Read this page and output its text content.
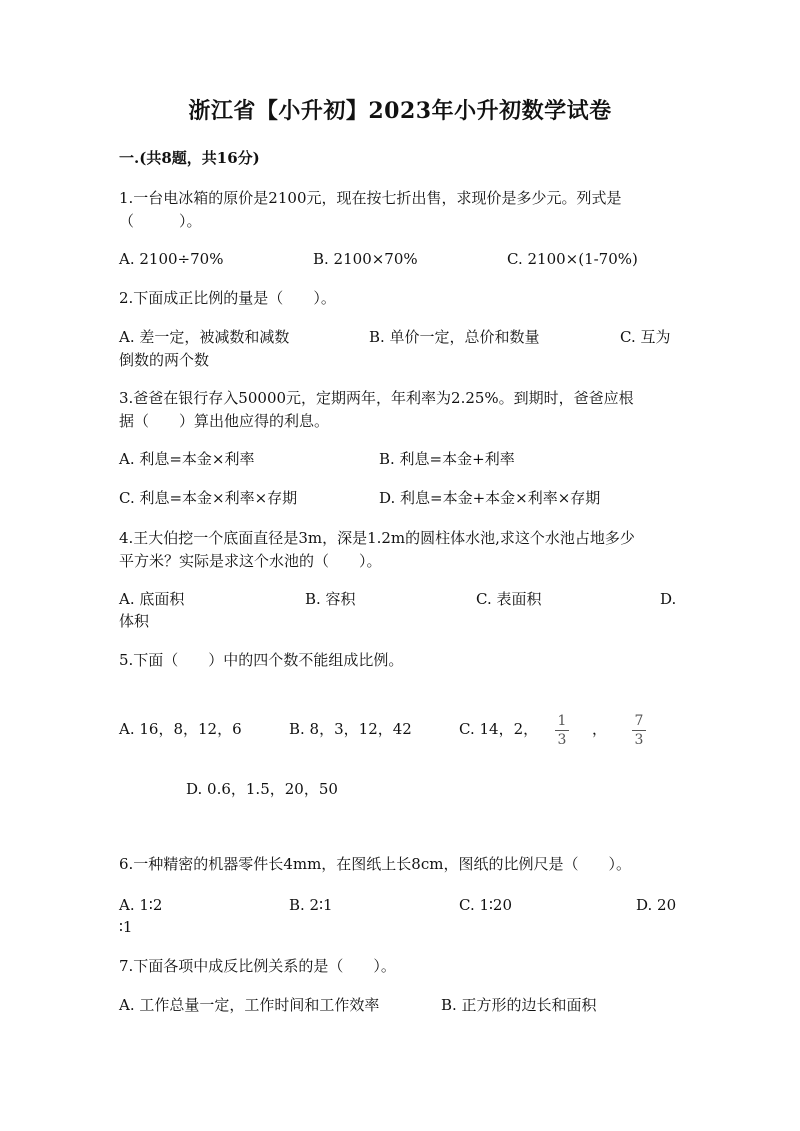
浙江省【小升初】2023年小升初数学试卷
一.(共8题，共16分)
1.一台电冰箱的原价是2100元，现在按七折出售，求现价是多少元。列式是
（　　　）。
A. 2100÷70%	B. 2100×70%	C. 2100×(1-70%)
2.下面成正比例的量是（　　）。
A. 差一定，被减数和减数	B. 单价一定，总价和数量	C. 互为
倒数的两个数
3.爸爸在银行存入50000元，定期两年，年利率为2.25%。到期时，爸爸应根
据（　　）算出他应得的利息。
A. 利息=本金×利率	B. 利息=本金+利率
C. 利息=本金×利率×存期	D. 利息=本金+本金×利率×存期
4.王大伯挖一个底面直径是3m，深是1.2m的圆柱体水池,求这个水池占地多少
平方米？实际是求这个水池的（　　）。
A. 底面积	B. 容积	C. 表面积	D.
体积
5.下面（　　）中的四个数不能组成比例。
A. 16，8，12，6	B. 8，3，12，42	C. 14，2，	1
3
，	7
3
D. 0.6，1.5，20，50
6.一种精密的机器零件长4mm，在图纸上长8cm，图纸的比例尺是（　　）。
A. 1∶2	B. 2∶1	C. 1∶20	D. 20
∶1
7.下面各项中成反比例关系的是（　　）。
A. 工作总量一定，工作时间和工作效率	B. 正方形的边长和面积
